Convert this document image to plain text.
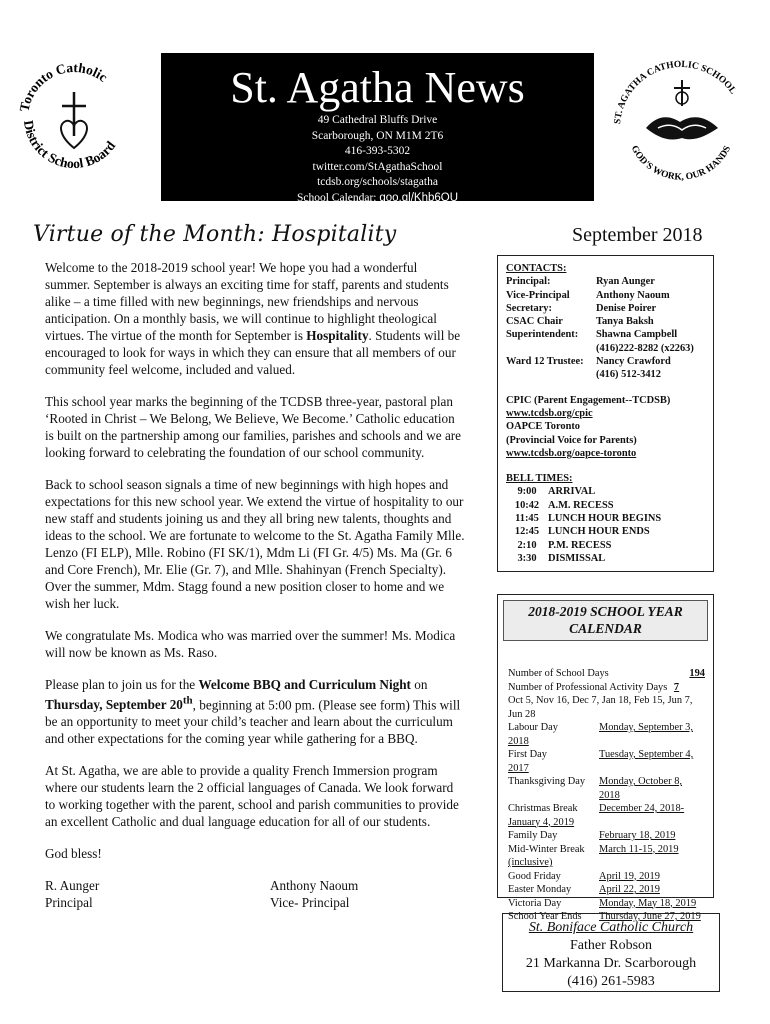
Toronto Catholic
District School Board
St. Agatha News
49 Cathedral Bluffs Drive
Scarborough, ON M1M 2T6
416-393-5302
twitter.com/StAgathaSchool
tcdsb.org/schools/stagatha
School Calendar: goo.gl/Khb6QU
ST. AGATHA CATHOLIC SCHOOL
GOD'S WORK, OUR HANDS
Virtue of the Month: Hospitality	September 2018

Welcome to the 2018-2019 school year! We hope you had a wonderful summer. September is always an exciting time for staff, parents and students alike – a time filled with new beginnings, new friendships and nervous anticipation. On a monthly basis, we will continue to highlight theological virtues. The virtue of the month for September is Hospitality. Students will be encouraged to look for ways in which they can ensure that all members of our community feel welcome, included and valued.

This school year marks the beginning of the TCDSB three-year, pastoral plan ‘Rooted in Christ – We Belong, We Believe, We Become.’ Catholic education is built on the partnership among our families, parishes and schools and we are looking forward to celebrating the foundation of our school community.

Back to school season signals a time of new beginnings with high hopes and expectations for this new school year. We extend the virtue of hospitality to our new staff and students joining us and they all bring new talents, thoughts and ideas to the school. We are fortunate to welcome to the St. Agatha Family Mlle. Lenzo (FI ELP), Mlle. Robino (FI SK/1), Mdm Li (FI Gr. 4/5) Ms. Ma (Gr. 6 and Core French), Mr. Elie (Gr. 7), and Mlle. Shahinyan (French Specialty). Over the summer, Mdm. Stagg found a new position closer to home and we wish her luck.

We congratulate Ms. Modica who was married over the summer! Ms. Modica will now be known as Ms. Raso.

Please plan to join us for the Welcome BBQ and Curriculum Night on Thursday, September 20th, beginning at 5:00 pm. (Please see form) This will be an opportunity to meet your child’s teacher and learn about the curriculum and other expectations for the coming year while gathering for a BBQ.

At St. Agatha, we are able to provide a quality French Immersion program where our students learn the 2 official languages of Canada. We look forward to working together with the parent, school and parish communities to provide an excellent Catholic and dual language education for all of our students.

God bless!

R. Aunger
Principal
Anthony Naoum
Vice- Principal
CONTACTS:
Principal:	Ryan Aunger
Vice-Principal	Anthony Naoum
Secretary:	Denise Poirer
CSAC Chair	Tanya Baksh
Superintendent:	Shawna Campbell
(416)222-8282 (x2263)
Ward 12 Trustee:	Nancy Crawford
(416) 512-3412
CPIC (Parent Engagement--TCDSB)
www.tcdsb.org/cpic
OAPCE Toronto
(Provincial Voice for Parents)
www.tcdsb.org/oapce-toronto
BELL TIMES:
9:00	ARRIVAL
10:42 A.M. RECESS
11:45 LUNCH HOUR BEGINS
12:45 LUNCH HOUR ENDS
2:10	P.M. RECESS
3:30	DISMISSAL
2018-2019 SCHOOL YEAR
CALENDAR
Number of School Days	194
Number of Professional Activity Days 7
Oct 5, Nov 16, Dec 7, Jan 18, Feb 15, Jun 7, Jun 28
Labour Day	Monday, September 3,
2018
First Day	Tuesday, September 4,
2017
Thanksgiving Day	Monday, October 8, 2018
Christmas Break	December 24, 2018-
January 4, 2019
Family Day	February 18, 2019
Mid-Winter Break	March 11-15, 2019
(inclusive)
Good Friday	April 19, 2019
Easter Monday	April 22, 2019
Victoria Day	Monday, May 18, 2019
School Year Ends	Thursday, June 27, 2019
St. Boniface Catholic Church
Father Robson
21 Markanna Dr. Scarborough
(416) 261-5983
